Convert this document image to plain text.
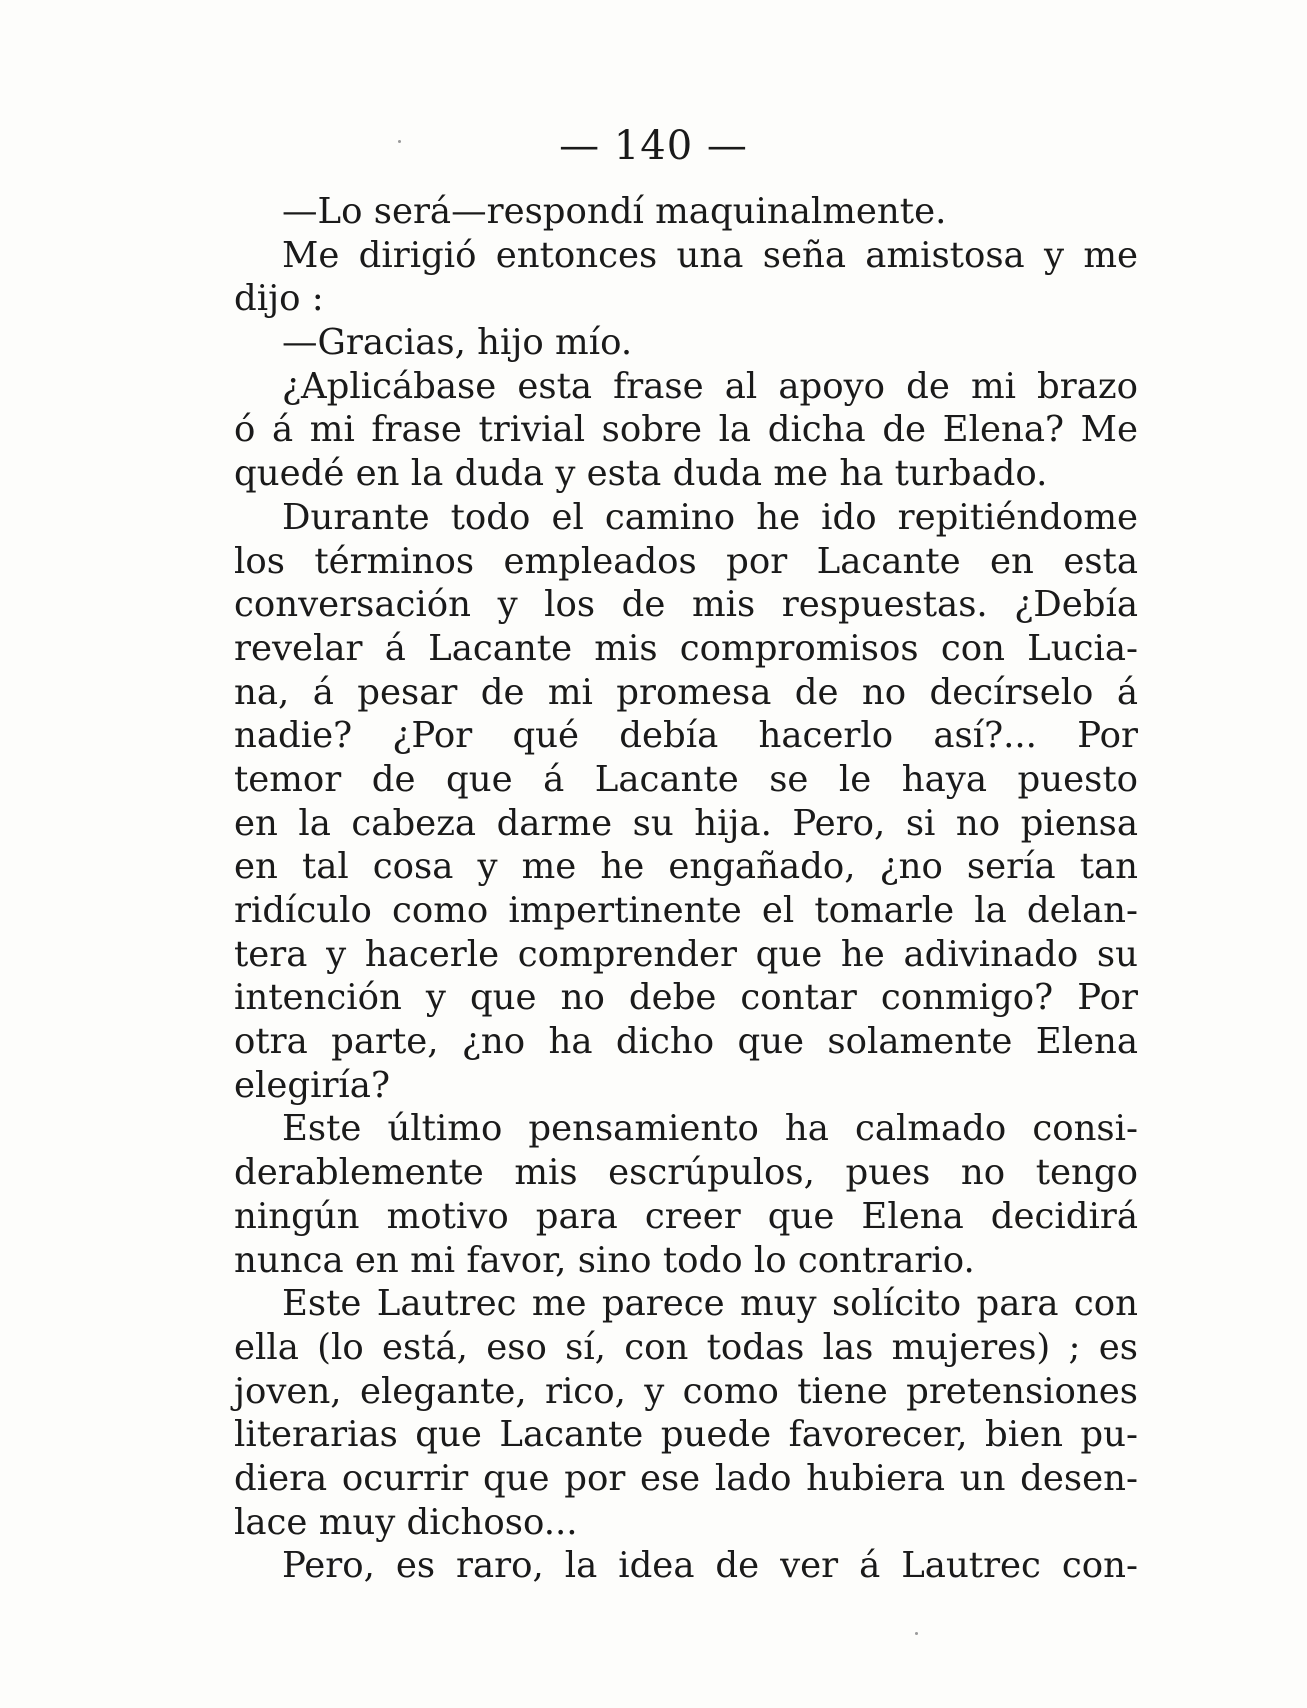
— 140 —
—Lo será—respondí maquinalmente.
Me dirigió entonces una seña amistosa y me
dijo :
—Gracias, hijo mío.
¿Aplicábase esta frase al apoyo de mi brazo
ó á mi frase trivial sobre la dicha de Elena? Me
quedé en la duda y esta duda me ha turbado.
Durante todo el camino he ido repitiéndome
los términos empleados por Lacante en esta
conversación y los de mis respuestas. ¿Debía
revelar á Lacante mis compromisos con Lucia-
na, á pesar de mi promesa de no decírselo á
nadie? ¿Por qué debía hacerlo así?... Por
temor de que á Lacante se le haya puesto
en la cabeza darme su hija. Pero, si no piensa
en tal cosa y me he engañado, ¿no sería tan
ridículo como impertinente el tomarle la delan-
tera y hacerle comprender que he adivinado su
intención y que no debe contar conmigo? Por
otra parte, ¿no ha dicho que solamente Elena
elegiría?
Este último pensamiento ha calmado consi-
derablemente mis escrúpulos, pues no tengo
ningún motivo para creer que Elena decidirá
nunca en mi favor, sino todo lo contrario.
Este Lautrec me parece muy solícito para con
ella (lo está, eso sí, con todas las mujeres) ; es
joven, elegante, rico, y como tiene pretensiones
literarias que Lacante puede favorecer, bien pu-
diera ocurrir que por ese lado hubiera un desen-
lace muy dichoso...
Pero, es raro, la idea de ver á Lautrec con-
